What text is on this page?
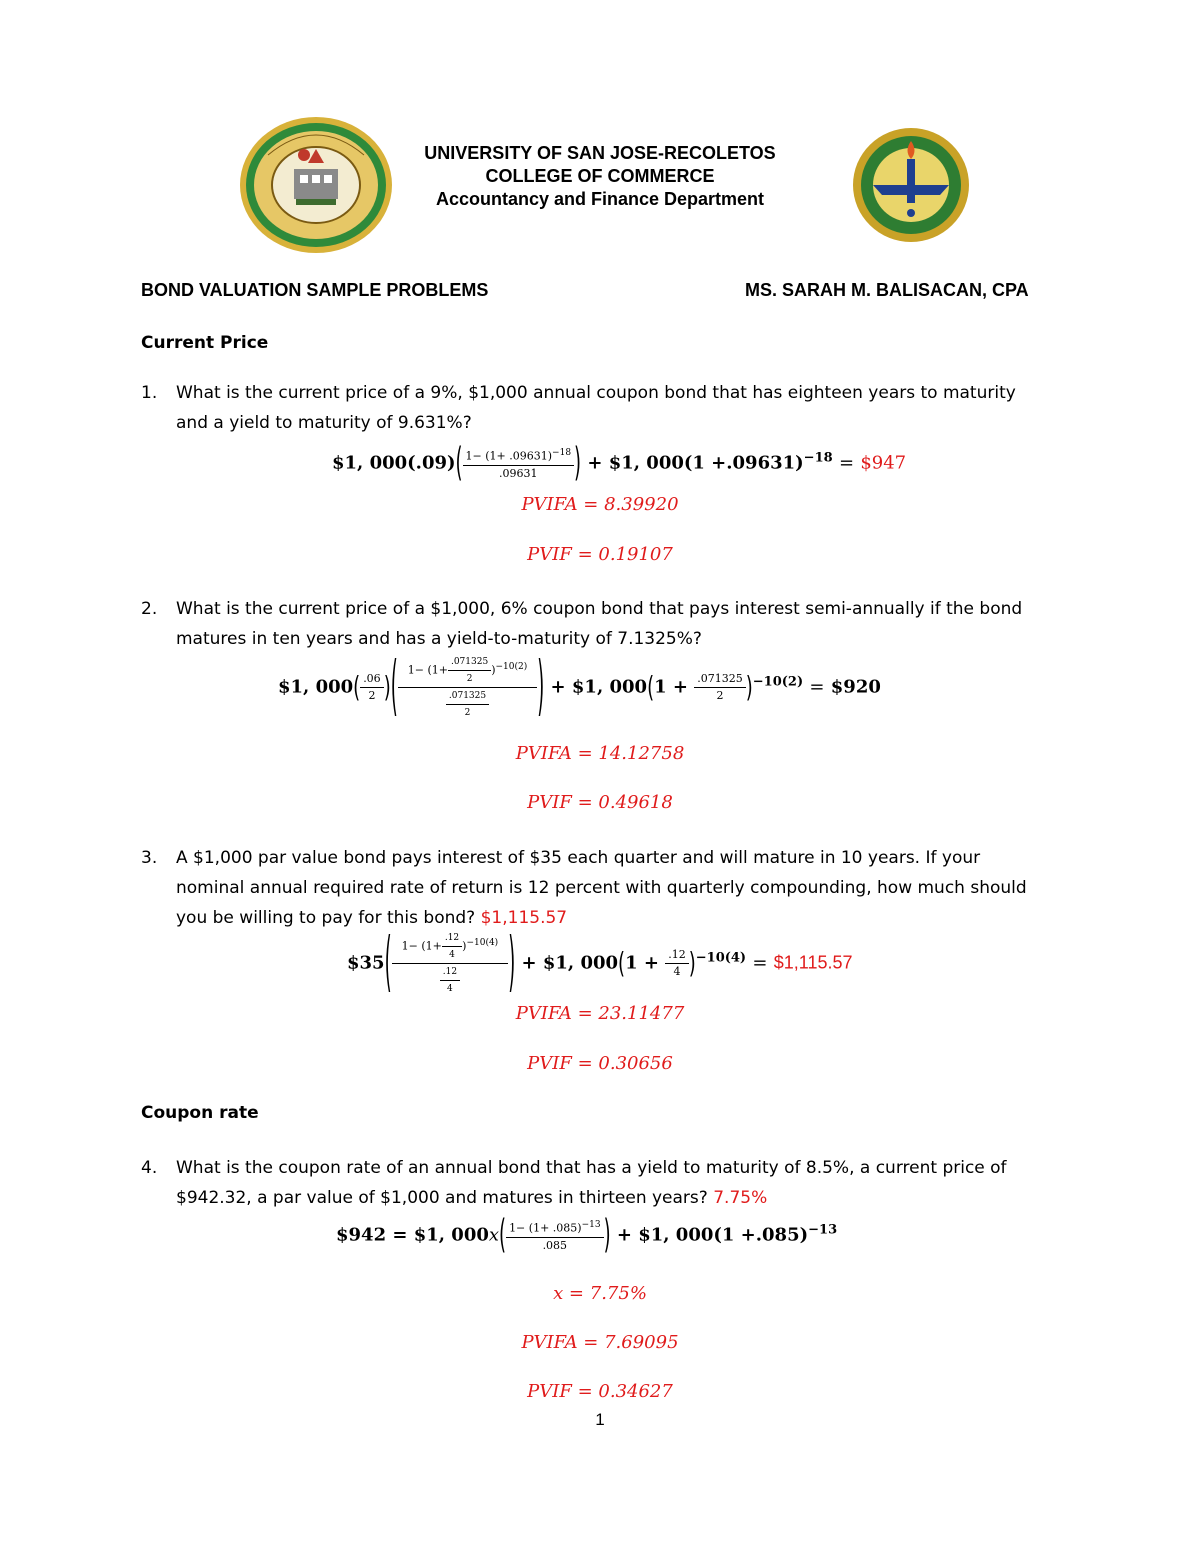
UNIVERSITY OF SAN JOSE-RECOLETOS
COLLEGE OF COMMERCE
Accountancy and Finance Department
BOND VALUATION SAMPLE PROBLEMS	MS. SARAH M. BALISACAN, CPA
Current Price
1. What is the current price of a 9%, $1,000 annual coupon bond that has eighteen years to maturity
and a yield to maturity of 9.631%?
$1, $000(.09)( \frac{1- (1+ .09631)^{-18}}{.09631}$ ) + $1, $000(1 +.09631)^{-18}$ = $947
PVIFA = 8.39920
PVIF = 0.19107
2. What is the current price of a $1,000, 6% coupon bond that pays interest semi-annually if the bond
matures in ten years and has a yield-to-maturity of 7.1325%?
$1, $000( \frac{.06}{2}$ )( $\frac{1- (1+ \frac{.071325}{2} )^{-10(2)}}{\frac{.071325}{2}}$ ) + $1, $000(1 + \frac{.071325}{2} )^{-10(2)}$ = $920
PVIFA = 14.12758
PVIF = 0.49618
3. A $1,000 par value bond pays interest of $35 each quarter and will mature in 10 years. If your
nominal annual required rate of return is 12 percent with quarterly compounding, how much should
you be willing to pay for this bond? $1,115.57
$35( $\frac{1- (1+ \frac{.12}{4} )^{-10(4)}}{\frac{.12}{4}}$ ) + $1, $000(1 + \frac{.12}{4} )^{-10(4)}$ = $1,115.57
PVIFA = 23.11477
PVIF = 0.30656
Coupon rate
4. What is the coupon rate of an annual bond that has a yield to maturity of 8.5%, a current price of
$942.32, a par value of $1,000 and matures in thirteen years? 7.75%
$942 = $1, $000x( \frac{1- (1+ .085)^{-13}}{.085}$ ) + $1, $000(1 +.085)^{-13}$
x = 7.75%
PVIFA = 7.69095
PVIF = 0.34627
1
